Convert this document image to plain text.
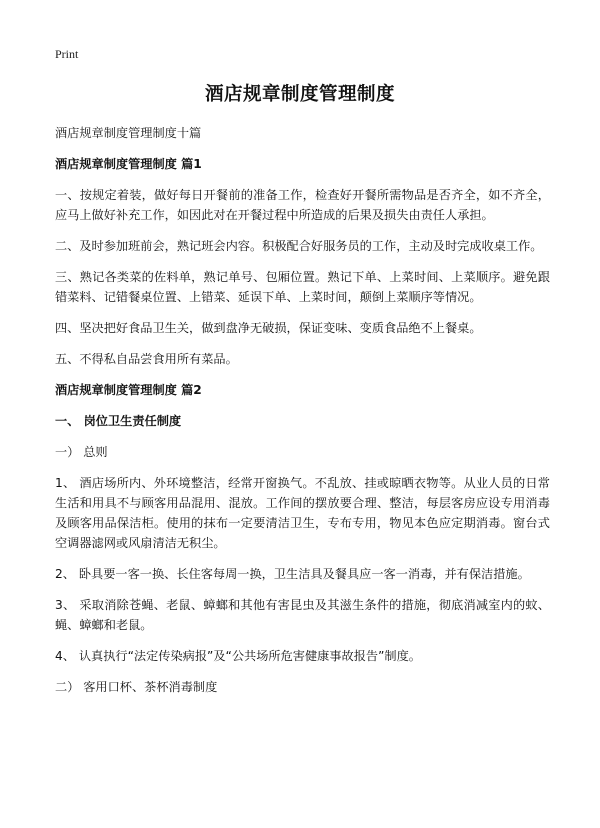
Print
酒店规章制度管理制度
酒店规章制度管理制度十篇
酒店规章制度管理制度 篇1

一、按规定着装，做好每日开餐前的准备工作，检查好开餐所需物品是否齐全，如不齐全，应马上做好补充工作，如因此对在开餐过程中所造成的后果及损失由责任人承担。

二、及时参加班前会，熟记班会内容。积极配合好服务员的工作，主动及时完成收桌工作。

三、熟记各类菜的佐料单，熟记单号、包厢位置。熟记下单、上菜时间、上菜顺序。避免跟错菜料、记错餐桌位置、上错菜、延误下单、上菜时间，颠倒上菜顺序等情况。

四、坚决把好食品卫生关，做到盘净无破损，保证变味、变质食品绝不上餐桌。

五、不得私自品尝食用所有菜品。

酒店规章制度管理制度 篇2
一、 岗位卫生责任制度
一） 总则

1、 酒店场所内、外环境整洁，经常开窗换气。不乱放、挂或晾晒衣物等。从业人员的日常生活和用具不与顾客用品混用、混放。工作间的摆放要合理、整洁，每层客房应设专用消毒及顾客用品保洁柜。使用的抹布一定要清洁卫生，专布专用，物见本色应定期消毒。窗台式空调器滤网或风扇清洁无积尘。

2、 卧具要一客一换、长住客每周一换，卫生洁具及餐具应一客一消毒，并有保洁措施。

3、 采取消除苍蝇、老鼠、蟑螂和其他有害昆虫及其滋生条件的措施，彻底消减室内的蚊、蝇、蟑螂和老鼠。

4、 认真执行“法定传染病报”及“公共场所危害健康事故报告”制度。

二） 客用口杯、茶杯消毒制度
